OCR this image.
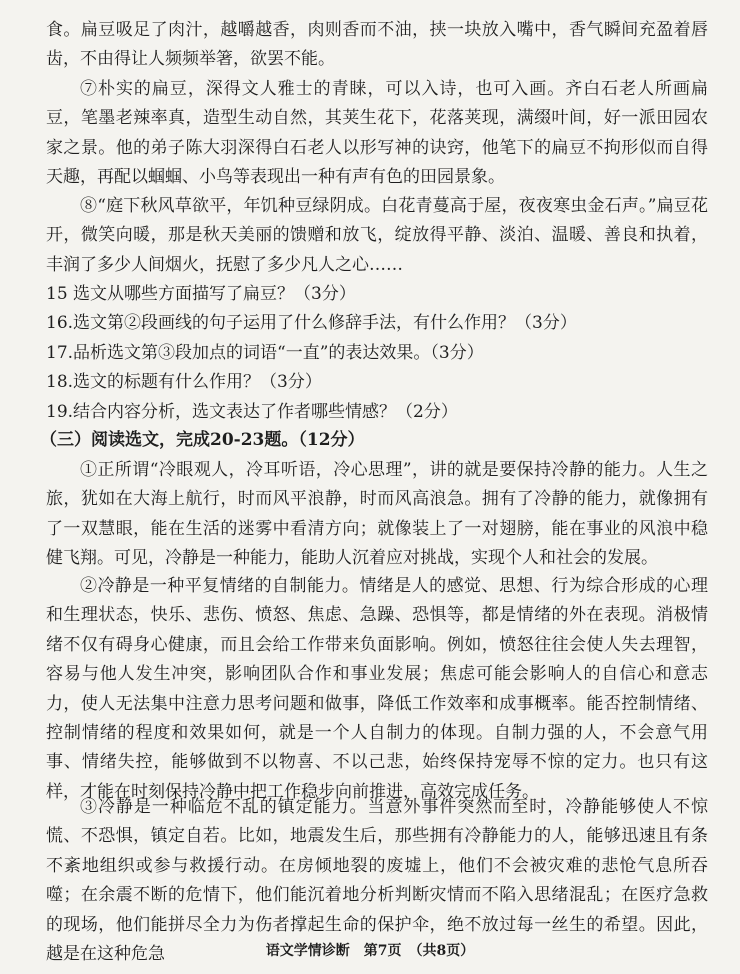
食。扁豆吸足了肉汁，越嚼越香，肉则香而不油，挟一块放入嘴中，香气瞬间充盈着唇齿，不由得让人频频举箸，欲罢不能。

⑦朴实的扁豆，深得文人雅士的青睐，可以入诗，也可入画。齐白石老人所画扁豆，笔墨老辣率真，造型生动自然，其荚生花下，花落荚现，满缀叶间，好一派田园农家之景。他的弟子陈大羽深得白石老人以形写神的诀窍，他笔下的扁豆不拘形似而自得天趣，再配以蝈蝈、小鸟等表现出一种有声有色的田园景象。

⑧“庭下秋风草欲平，年饥种豆绿阴成。白花青蔓高于屋，夜夜寒虫金石声。”扁豆花开，微笑向暖，那是秋天美丽的馈赠和放飞，绽放得平静、淡泊、温暖、善良和执着，丰润了多少人间烟火，抚慰了多少凡人之心……

15 选文从哪些方面描写了扁豆？（3分）

16.选文第②段画线的句子运用了什么修辞手法，有什么作用？（3分）

17.品析选文第③段加点的词语“一直”的表达效果。（3分）

18.选文的标题有什么作用？（3分）

19.结合内容分析，选文表达了作者哪些情感？（2分）

（三）阅读选文，完成20-23题。（12分）

①正所谓“冷眼观人，冷耳听语，冷心思理”，讲的就是要保持冷静的能力。人生之旅，犹如在大海上航行，时而风平浪静，时而风高浪急。拥有了冷静的能力，就像拥有了一双慧眼，能在生活的迷雾中看清方向；就像装上了一对翅膀，能在事业的风浪中稳健飞翔。可见，冷静是一种能力，能助人沉着应对挑战，实现个人和社会的发展。

②冷静是一种平复情绪的自制能力。情绪是人的感觉、思想、行为综合形成的心理和生理状态，快乐、悲伤、愤怒、焦虑、急躁、恐惧等，都是情绪的外在表现。消极情绪不仅有碍身心健康，而且会给工作带来负面影响。例如，愤怒往往会使人失去理智，容易与他人发生冲突，影响团队合作和事业发展；焦虑可能会影响人的自信心和意志力，使人无法集中注意力思考问题和做事，降低工作效率和成事概率。能否控制情绪、控制情绪的程度和效果如何，就是一个人自制力的体现。自制力强的人，不会意气用事、情绪失控，能够做到不以物喜、不以己悲，始终保持宠辱不惊的定力。也只有这样，才能在时刻保持冷静中把工作稳步向前推进，高效完成任务。

③冷静是一种临危不乱的镇定能力。当意外事件突然而至时，冷静能够使人不惊慌、不恐惧，镇定自若。比如，地震发生后，那些拥有冷静能力的人，能够迅速且有条不紊地组织或参与救援行动。在房倾地裂的废墟上，他们不会被灾难的悲怆气息所吞噬；在余震不断的危情下，他们能沉着地分析判断灾情而不陷入思绪混乱；在医疗急救的现场，他们能拼尽全力为伤者撑起生命的保护伞，绝不放过每一丝生的希望。因此，越是在这种危急	语文学情诊断　第7页　（共8页）
